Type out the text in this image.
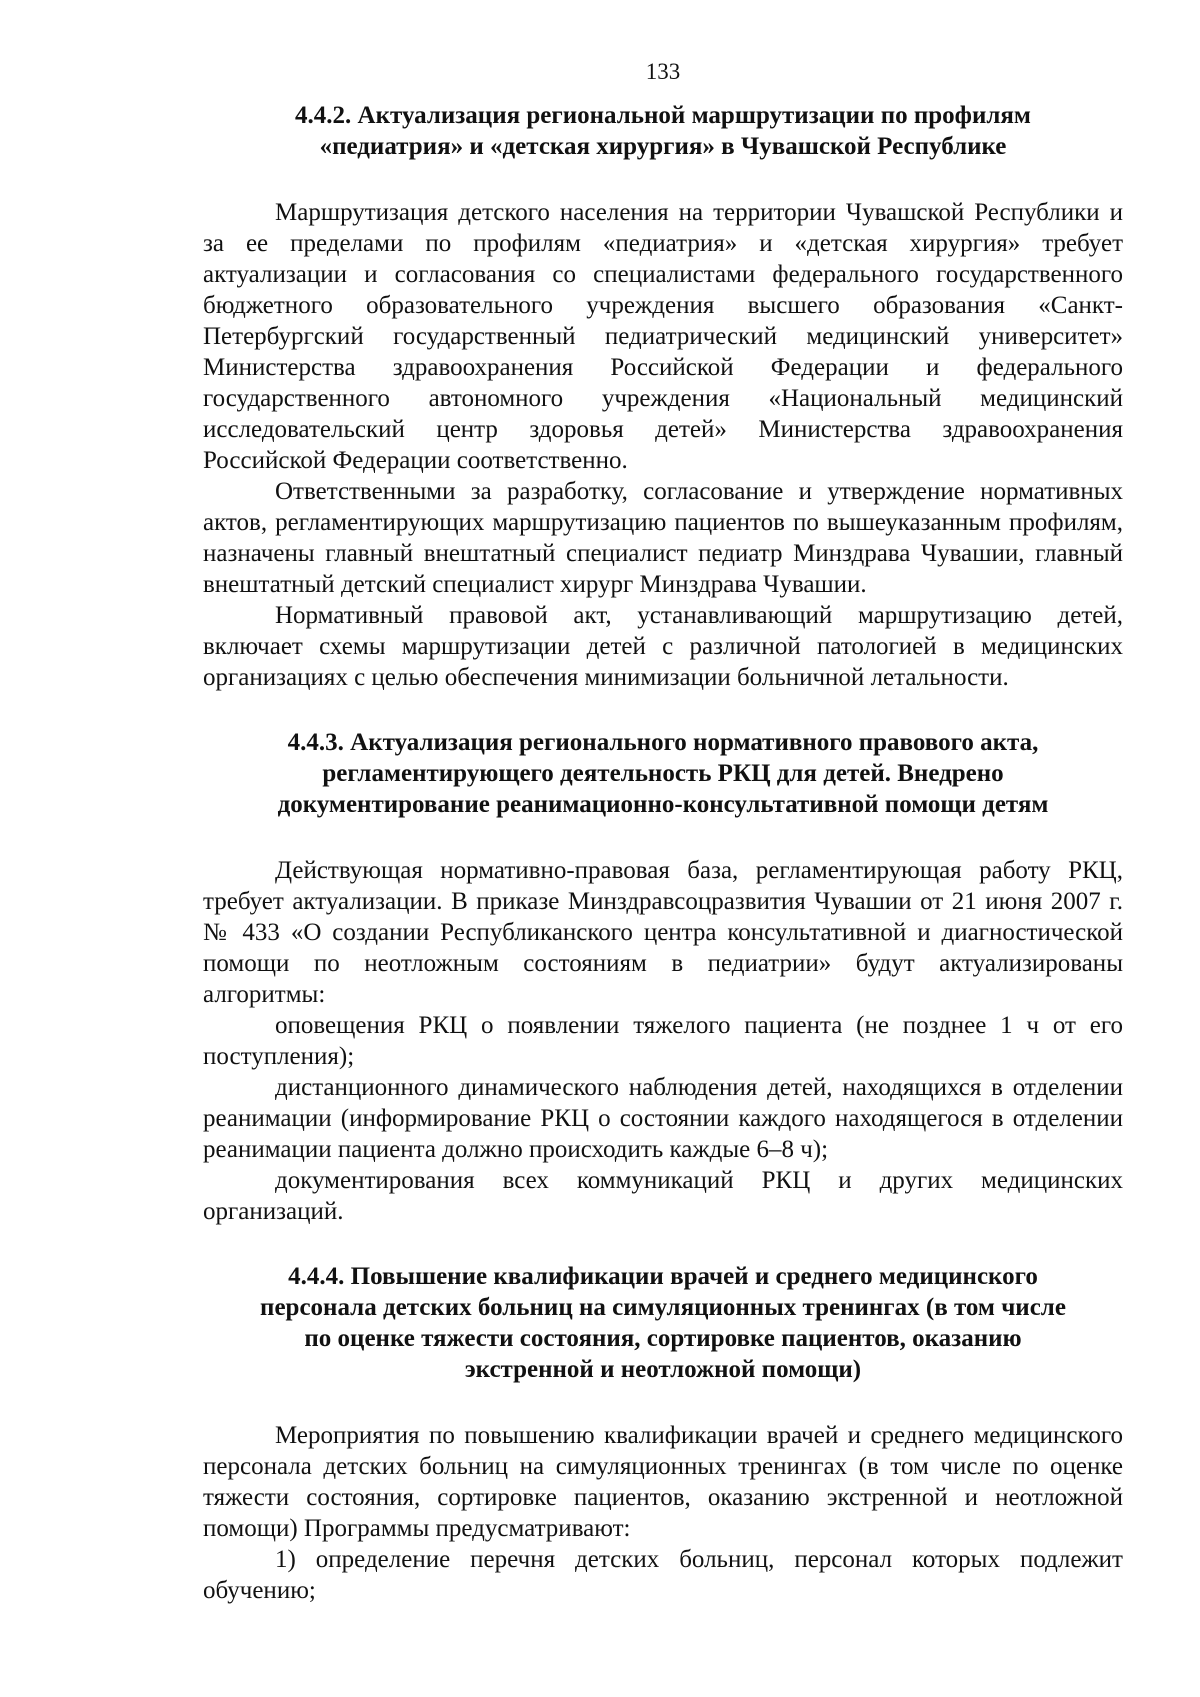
133
4.4.2. Актуализация региональной маршрутизации по профилям
«педиатрия» и «детская хирургия» в Чувашской Республике

Маршрутизация детского населения на территории Чувашской Республики и за ее пределами по профилям «педиатрия» и «детская хирургия» требует актуализации и согласования со специалистами федерального государственного бюджетного образовательного учреждения высшего образования «Санкт-Петербургский государственный педиатрический медицинский университет» Министерства здравоохранения Российской Федерации и федерального государственного автономного учреждения «Национальный медицинский исследовательский центр здоровья детей» Министерства здравоохранения Российской Федерации соответственно.

Ответственными за разработку, согласование и утверждение нормативных актов, регламентирующих маршрутизацию пациентов по вышеуказанным профилям, назначены главный внештатный специалист педиатр Минздрава Чувашии, главный внештатный детский специалист хирург Минздрава Чувашии.

Нормативный правовой акт, устанавливающий маршрутизацию детей, включает схемы маршрутизации детей с различной патологией в медицинских организациях с целью обеспечения минимизации больничной летальности.

4.4.3. Актуализация регионального нормативного правового акта,
регламентирующего деятельность РКЦ для детей. Внедрено
документирование реанимационно-консультативной помощи детям

Действующая нормативно-правовая база, регламентирующая работу РКЦ, требует актуализации. В приказе Минздравсоцразвития Чувашии от 21 июня 2007 г. № 433 «О создании Республиканского центра консультативной и диагностической помощи по неотложным состояниям в педиатрии» будут актуализированы алгоритмы:

оповещения РКЦ о появлении тяжелого пациента (не позднее 1 ч от его поступления);

дистанционного динамического наблюдения детей, находящихся в отделении реанимации (информирование РКЦ о состоянии каждого находящегося в отделении реанимации пациента должно происходить каждые 6–8 ч);

документирования всех коммуникаций РКЦ и других медицинских организаций.

4.4.4. Повышение квалификации врачей и среднего медицинского
персонала детских больниц на симуляционных тренингах (в том числе
по оценке тяжести состояния, сортировке пациентов, оказанию
экстренной и неотложной помощи)

Мероприятия по повышению квалификации врачей и среднего медицинского персонала детских больниц на симуляционных тренингах (в том числе по оценке тяжести состояния, сортировке пациентов, оказанию экстренной и неотложной помощи) Программы предусматривают:

1) определение перечня детских больниц, персонал которых подлежит обучению;
